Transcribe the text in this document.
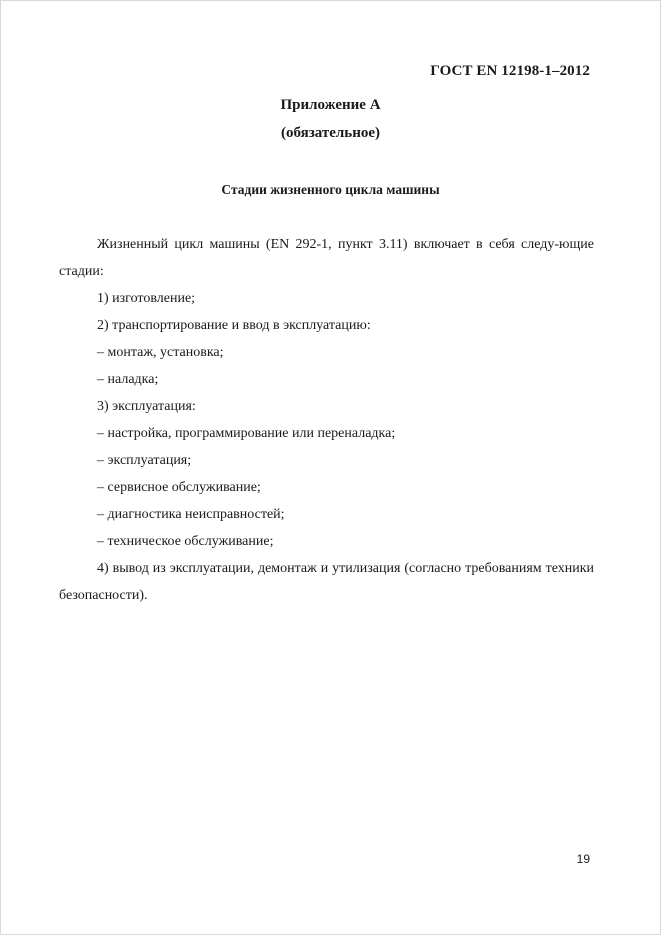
ГОСТ EN 12198-1–2012
Приложение А
(обязательное)
Стадии жизненного цикла машины

Жизненный цикл машины (EN 292-1, пункт 3.11) включает в себя следу-ющие стадии:

1) изготовление;
2) транспортирование и ввод в эксплуатацию:
– монтаж, установка;
– наладка;
3) эксплуатация:
– настройка, программирование или переналадка;
– эксплуатация;
– сервисное обслуживание;
– диагностика неисправностей;
– техническое обслуживание;
4) вывод из эксплуатации, демонтаж и утилизация (согласно требованиям техники безопасности).
19
